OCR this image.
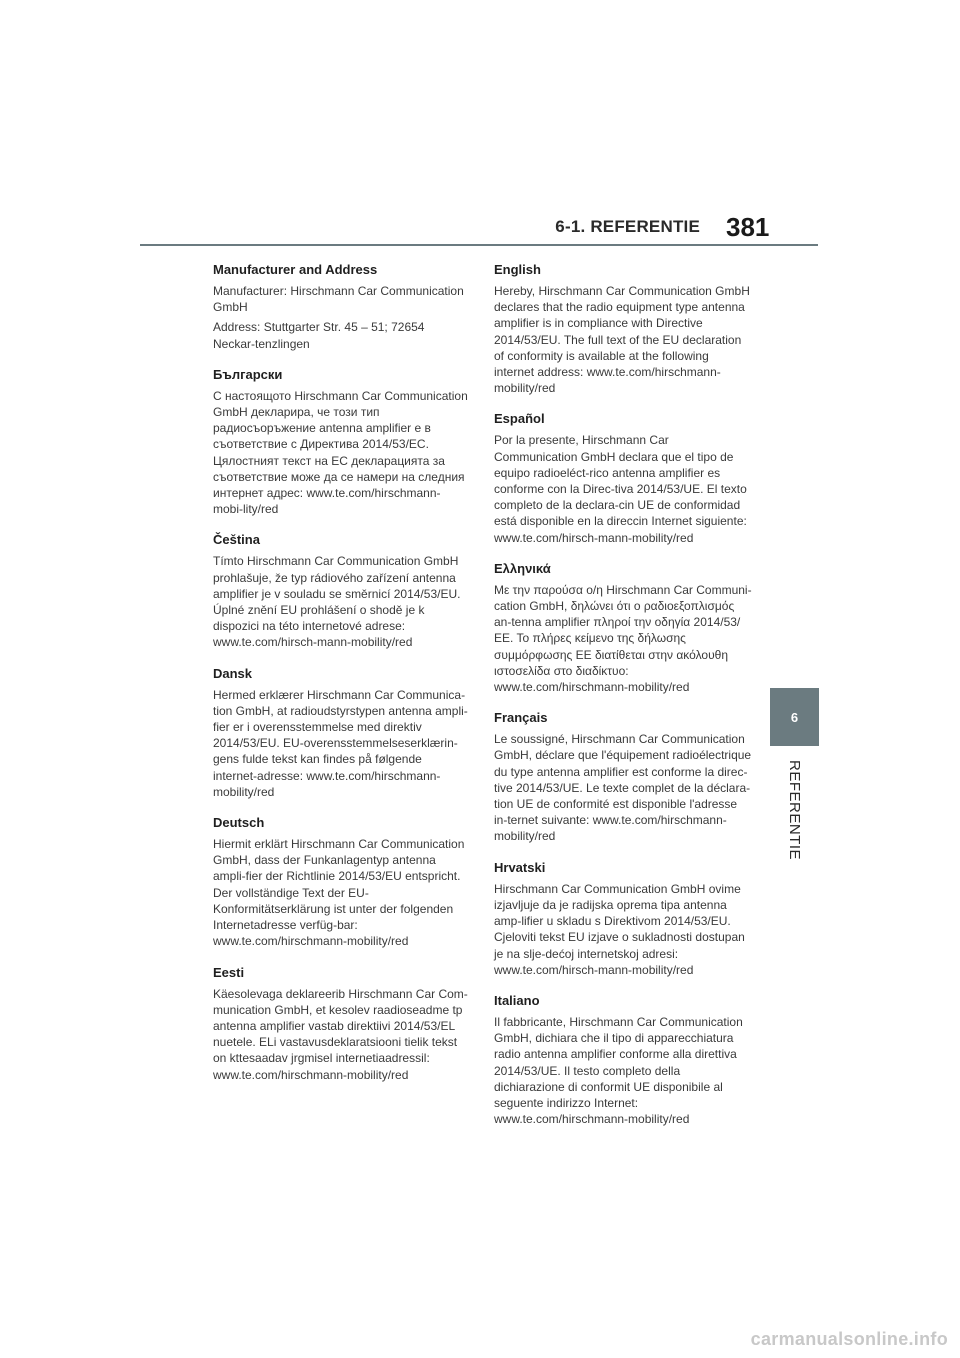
6-1. REFERENTIE 381
6
REFERENTIE
Manufacturer and Address

Manufacturer: Hirschmann Car Communication GmbH

Address: Stuttgarter Str. 45 – 51; 72654 Neckar-tenzlingen

Български

С настоящото Hirschmann Car Communication GmbH декларира, че този тип радиосъоръжение antenna amplifier е в съответствие с Директива 2014/53/ЕС. Цялостният текст на ЕС декларацията за съответствие може да се намери на следния интернет адрес: www.te.com/hirschmann-mobi-lity/red

Čeština

Tímto Hirschmann Car Communication GmbH prohlašuje, že typ rádiového zařízení antenna amplifier je v souladu se směrnicí 2014/53/EU. Úplné znění EU prohlášení o shodě je k dispozici na této internetové adrese: www.te.com/hirsch-mann-mobility/red

Dansk

Hermed erklærer Hirschmann Car Communica-tion GmbH, at radioudstyrstypen antenna ampli-fier er i overensstemmelse med direktiv 2014/53/EU. EU-overensstemmelseserklærin-gens fulde tekst kan findes på følgende internet-adresse: www.te.com/hirschmann-mobility/red

Deutsch

Hiermit erklärt Hirschmann Car Communication GmbH, dass der Funkanlagentyp antenna ampli-fier der Richtlinie 2014/53/EU entspricht. Der vollständige Text der EU-Konformitätserklärung ist unter der folgenden Internetadresse verfüg-bar: www.te.com/hirschmann-mobility/red

Eesti

Käesolevaga deklareerib Hirschmann Car Com-munication GmbH, et kesolev raadioseadme tp antenna amplifier vastab direktiivi 2014/53/EL nuetele. ELi vastavusdeklaratsiooni tielik tekst on kttesaadav jrgmisel internetiaadressil: www.te.com/hirschmann-mobility/red

English

Hereby, Hirschmann Car Communication GmbH declares that the radio equipment type antenna amplifier is in compliance with Directive 2014/53/EU. The full text of the EU declaration of conformity is available at the following internet address: www.te.com/hirschmann-mobility/red

Español

Por la presente, Hirschmann Car Communication GmbH declara que el tipo de equipo radioeléct-rico antenna amplifier es conforme con la Direc-tiva 2014/53/UE. El texto completo de la declara-cin UE de conformidad está disponible en la direccin Internet siguiente: www.te.com/hirsch-mann-mobility/red

Ελληνικά

Με την παρούσα ο/η Hirschmann Car Communi-cation GmbH, δηλώνει ότι ο ραδιοεξοπλισμός an-tenna amplifier πληροί την οδηγία 2014/53/ΕΕ. Το πλήρες κείμενο της δήλωσης συμμόρφωσης ΕΕ διατίθεται στην ακόλουθη ιστοσελίδα στο διαδίκτυο: www.te.com/hirschmann-mobility/red

Français

Le soussigné, Hirschmann Car Communication GmbH, déclare que l'équipement radioélectrique du type antenna amplifier est conforme la direc-tive 2014/53/UE. Le texte complet de la déclara-tion UE de conformité est disponible l'adresse in-ternet suivante: www.te.com/hirschmann-mobility/red

Hrvatski

Hirschmann Car Communication GmbH ovime izjavljuje da je radijska oprema tipa antenna amp-lifier u skladu s Direktivom 2014/53/EU. Cjeloviti tekst EU izjave o sukladnosti dostupan je na slje-dećoj internetskoj adresi: www.te.com/hirsch-mann-mobility/red

Italiano

Il fabbricante, Hirschmann Car Communication GmbH, dichiara che il tipo di apparecchiatura radio antenna amplifier conforme alla direttiva 2014/53/UE. Il testo completo della dichiarazione di conformit UE disponibile al seguente indirizzo Internet: www.te.com/hirschmann-mobility/red

carmanualsonline.info
